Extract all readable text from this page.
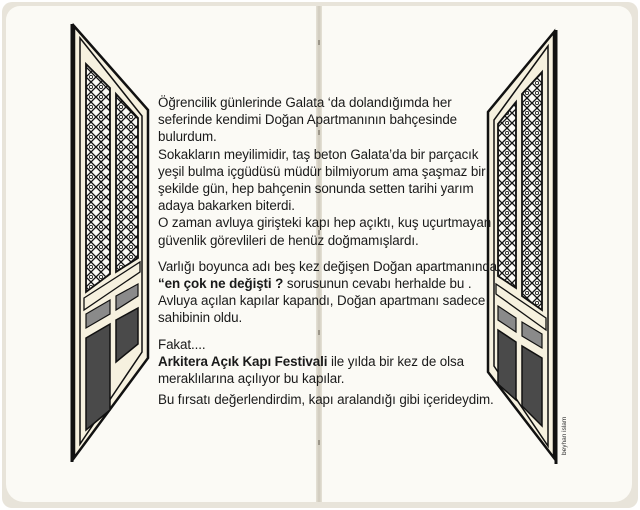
Öğrencilik günlerinde Galata ‘da dolandığımda her seferinde kendimi Doğan Apartmanının bahçesinde bulurdum.

Sokakların meyilimidir, taş beton Galata’da bir parçacık yeşil bulma içgüdüsü müdür bilmiyorum ama şaşmaz bir şekilde gün, hep bahçenin sonunda setten tarihi yarım adaya bakarken biterdi.

O zaman avluya girişteki kapı hep açıktı, kuş uçurtmayan güvenlik görevlileri de henüz doğmamışlardı.

Varlığı boyunca adı beş kez değişen Doğan apartmanında “en çok ne değişti ? sorusunun cevabı herhalde bu . Avluya açılan kapılar kapandı, Doğan apartmanı sadece sahibinin oldu.

Fakat....

Arkitera Açık Kapı Festivali ile yılda bir kez de olsa meraklılarına açılıyor bu kapılar.

Bu fırsatı değerlendirdim, kapı aralandığı gibi içerideydim.

beyhan islam
